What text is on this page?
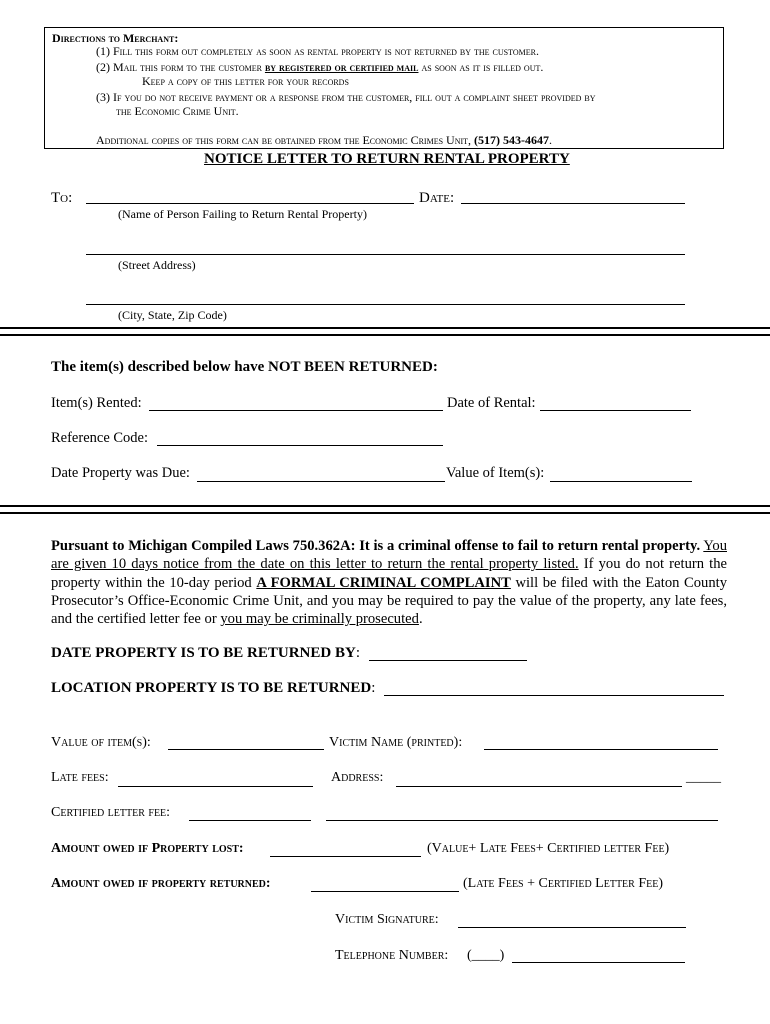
Directions to Merchant:
(1) Fill this form out completely as soon as rental property is not returned by the customer.
(2) Mail this form to the customer by registered or certified mail as soon as it is filled out.
Keep a copy of this letter for your records
(3) If you do not receive payment or a response from the customer, fill out a complaint sheet provided by
the Economic Crime Unit.
Additional copies of this form can be obtained from the Economic Crimes Unit, (517) 543-4647.
NOTICE LETTER TO RETURN RENTAL PROPERTY
To:	Date:
(Name of Person Failing to Return Rental Property)
(Street Address)
(City, State, Zip Code)
The item(s) described below have NOT BEEN RETURNED:
Item(s) Rented:	Date of Rental:
Reference Code:
Date Property was Due:	Value of Item(s):
Pursuant to Michigan Compiled Laws 750.362A: It is a criminal offense to fail to return rental property. You are given 10 days notice from the date on this letter to return the rental property listed. If you do not return the property within the 10-day period A FORMAL CRIMINAL COMPLAINT will be filed with the Eaton County Prosecutor’s Office-Economic Crime Unit, and you may be required to pay the value of the property, any late fees, and the certified letter fee or you may be criminally prosecuted.
DATE PROPERTY IS TO BE RETURNED BY:
LOCATION PROPERTY IS TO BE RETURNED:
Value of item(s):	Victim Name (printed):
Late fees:	Address:	_____
Certified letter fee:
Amount owed if Property lost:	(Value+ Late Fees+ Certified letter Fee)
Amount owed if property returned:	(Late Fees + Certified Letter Fee)
Victim Signature:
Telephone Number: (____)
